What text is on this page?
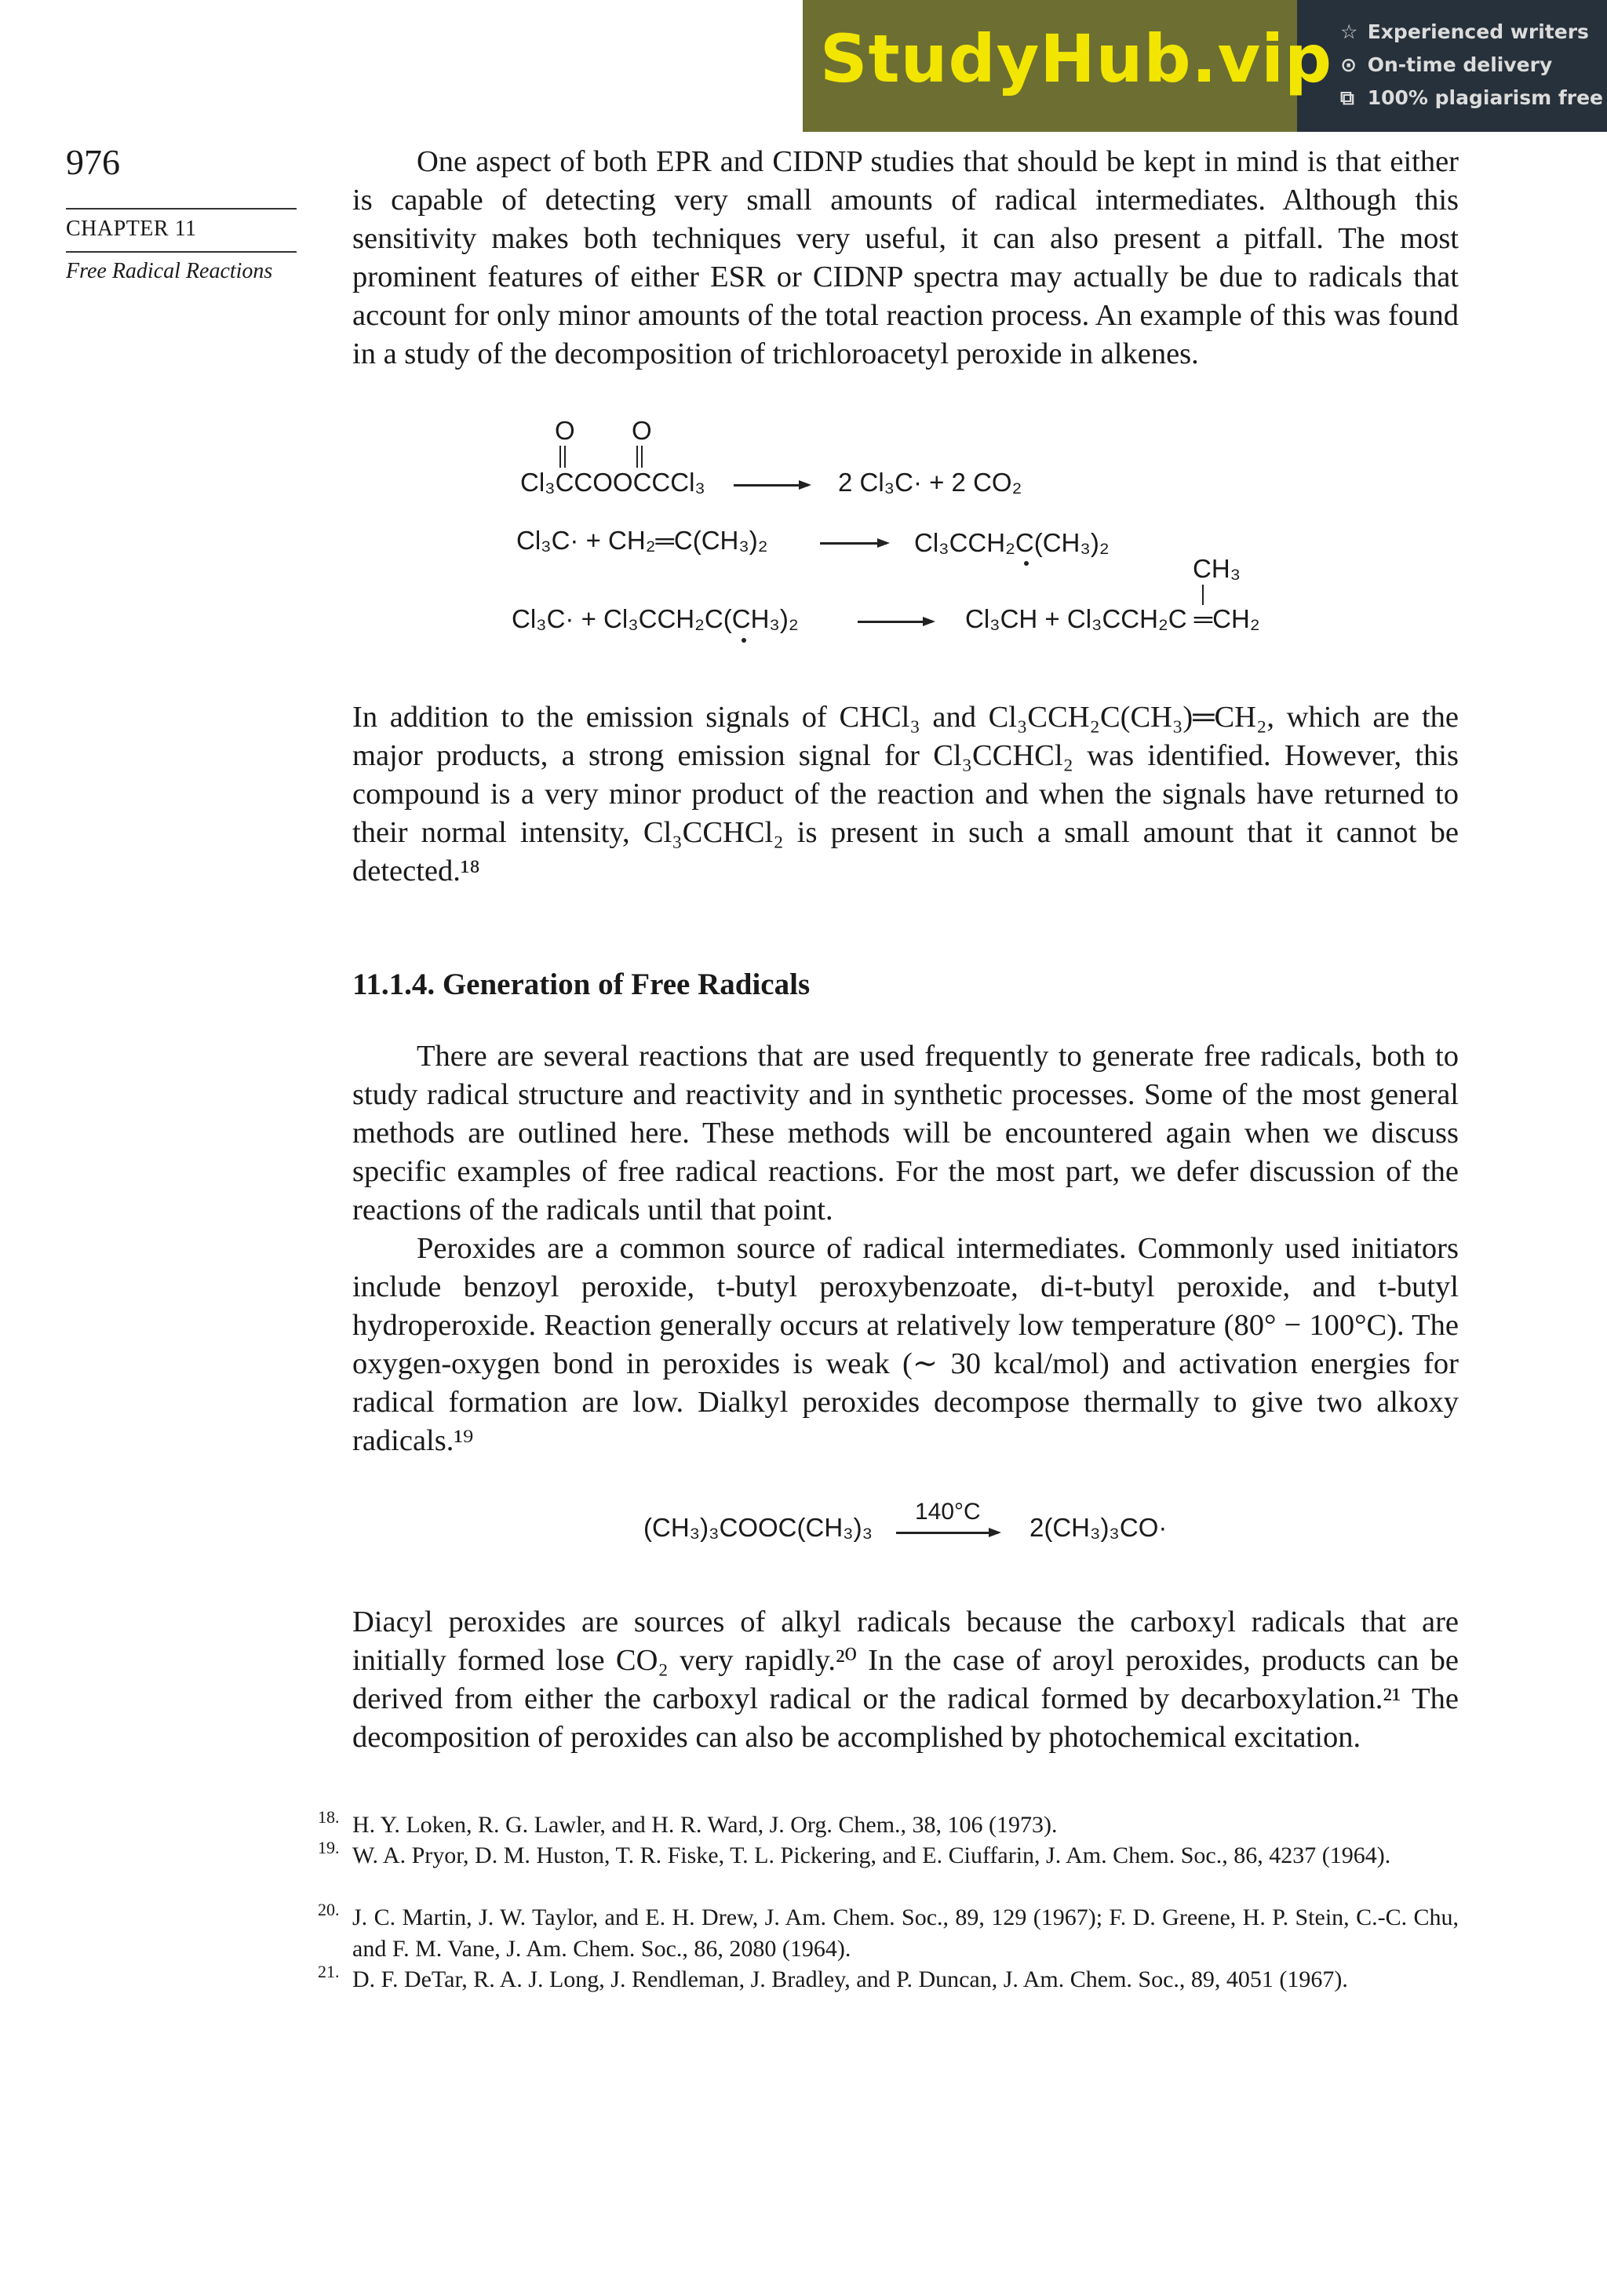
StudyHub.vip ☆ Experienced writers
⊙ On-time delivery
⧉ 100% plagiarism free
976
CHAPTER 11
Free Radical Reactions

One aspect of both EPR and CIDNP studies that should be kept in mind is that either is capable of detecting very small amounts of radical intermediates. Although this sensitivity makes both techniques very useful, it can also present a pitfall. The most prominent features of either ESR or CIDNP spectra may actually be due to radicals that account for only minor amounts of the total reaction process. An example of this was found in a study of the decomposition of trichloroacetyl peroxide in alkenes.

O O
Cl₃CCOOCCCl₃	2 Cl₃C· + 2 CO₂
Cl₃C· + CH₂═C(CH₃)₂	Cl₃CCH₂C(CH₃)₂
CH₃
Cl₃C· + Cl₃CCH₂C(CH₃)₂	Cl₃CH + Cl₃CCH₂C ═CH₂

In addition to the emission signals of CHCl₃ and Cl₃CCH₂C(CH₃)═CH₂, which are the major products, a strong emission signal for Cl₃CCHCl₂ was identified. However, this compound is a very minor product of the reaction and when the signals have returned to their normal intensity, Cl₃CCHCl₂ is present in such a small amount that it cannot be detected.¹⁸

11.1.4. Generation of Free Radicals

There are several reactions that are used frequently to generate free radicals, both to study radical structure and reactivity and in synthetic processes. Some of the most general methods are outlined here. These methods will be encountered again when we discuss specific examples of free radical reactions. For the most part, we defer discussion of the reactions of the radicals until that point.

Peroxides are a common source of radical intermediates. Commonly used initiators include benzoyl peroxide, t-butyl peroxybenzoate, di-t-butyl peroxide, and t-butyl hydroperoxide. Reaction generally occurs at relatively low temperature (80° − 100°C). The oxygen-oxygen bond in peroxides is weak (∼ 30 kcal/mol) and activation energies for radical formation are low. Dialkyl peroxides decompose thermally to give two alkoxy radicals.¹⁹

(CH₃)₃COOC(CH₃)₃
140°C
2(CH₃)₃CO·

Diacyl peroxides are sources of alkyl radicals because the carboxyl radicals that are initially formed lose CO₂ very rapidly.²⁰ In the case of aroyl peroxides, products can be derived from either the carboxyl radical or the radical formed by decarboxylation.²¹ The decomposition of peroxides can also be accomplished by photochemical excitation.

18. H. Y. Loken, R. G. Lawler, and H. R. Ward, J. Org. Chem., 38, 106 (1973).
19. W. A. Pryor, D. M. Huston, T. R. Fiske, T. L. Pickering, and E. Ciuffarin, J. Am. Chem. Soc., 86, 4237 (1964).
20. J. C. Martin, J. W. Taylor, and E. H. Drew, J. Am. Chem. Soc., 89, 129 (1967); F. D. Greene, H. P. Stein, C.-C. Chu, and F. M. Vane, J. Am. Chem. Soc., 86, 2080 (1964).
21. D. F. DeTar, R. A. J. Long, J. Rendleman, J. Bradley, and P. Duncan, J. Am. Chem. Soc., 89, 4051 (1967).
